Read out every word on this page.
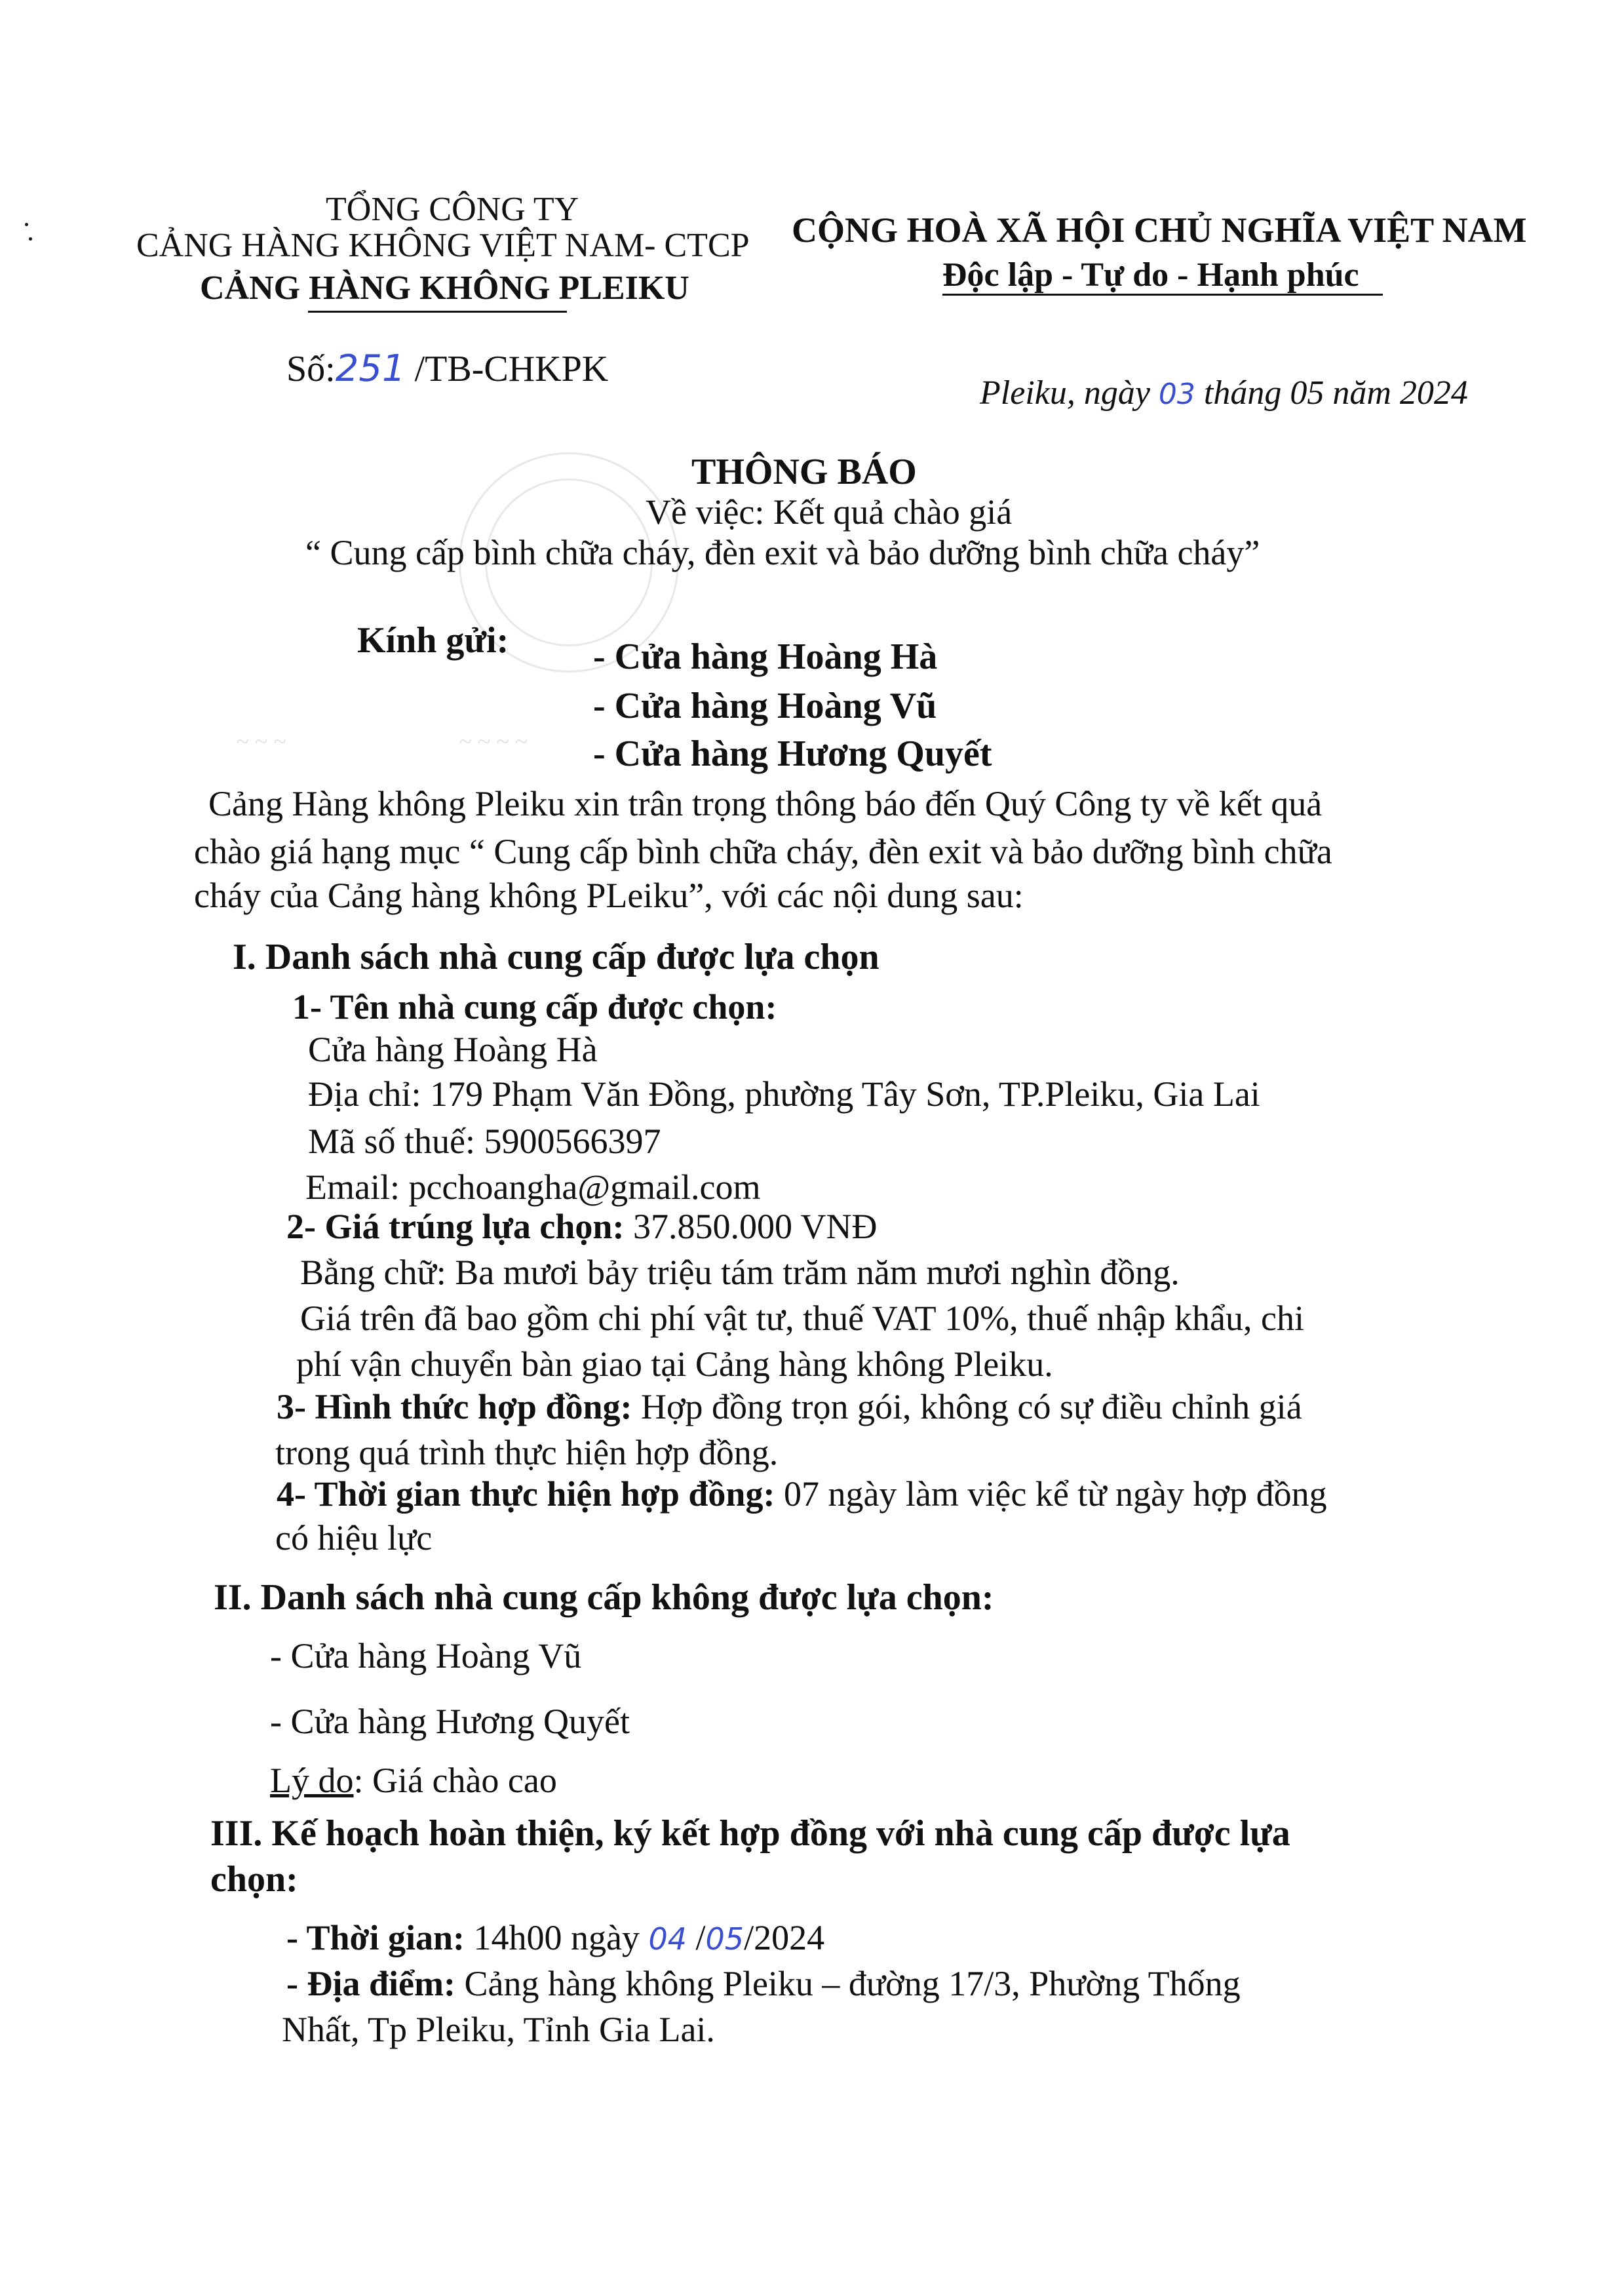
~ ~ ~	~ ~ ~ ~
TỔNG CÔNG TY
CẢNG HÀNG KHÔNG VIỆT NAM- CTCP
CẢNG HÀNG KHÔNG PLEIKU
Số:251 /TB-CHKPK
CỘNG HOÀ XÃ HỘI CHỦ NGHĨA VIỆT NAM
Độc lập - Tự do - Hạnh phúc
Pleiku, ngày 03 tháng 05 năm 2024
THÔNG BÁO
Về việc: Kết quả chào giá
“ Cung cấp bình chữa cháy, đèn exit và bảo dưỡng bình chữa cháy”
Kính gửi: - Cửa hàng Hoàng Hà
- Cửa hàng Hoàng Vũ
- Cửa hàng Hương Quyết
Cảng Hàng không Pleiku xin trân trọng thông báo đến Quý Công ty về kết quả
chào giá hạng mục “ Cung cấp bình chữa cháy, đèn exit và bảo dưỡng bình chữa
cháy của Cảng hàng không PLeiku”, với các nội dung sau:
I. Danh sách nhà cung cấp được lựa chọn
1- Tên nhà cung cấp được chọn:
Cửa hàng Hoàng Hà
Địa chỉ: 179 Phạm Văn Đồng, phường Tây Sơn, TP.Pleiku, Gia Lai
Mã số thuế: 5900566397
Email: pcchoangha@gmail.com
2- Giá trúng lựa chọn: 37.850.000 VNĐ
Bằng chữ: Ba mươi bảy triệu tám trăm năm mươi nghìn đồng.
Giá trên đã bao gồm chi phí vật tư, thuế VAT 10%, thuế nhập khẩu, chi
phí vận chuyển bàn giao tại Cảng hàng không Pleiku.
3- Hình thức hợp đồng: Hợp đồng trọn gói, không có sự điều chỉnh giá
trong quá trình thực hiện hợp đồng.
4- Thời gian thực hiện hợp đồng: 07 ngày làm việc kể từ ngày hợp đồng
có hiệu lực
II. Danh sách nhà cung cấp không được lựa chọn:
- Cửa hàng Hoàng Vũ
- Cửa hàng Hương Quyết
Lý do: Giá chào cao
III. Kế hoạch hoàn thiện, ký kết hợp đồng với nhà cung cấp được lựa
chọn:
- Thời gian: 14h00 ngày 04 /05/2024
- Địa điểm: Cảng hàng không Pleiku – đường 17/3, Phường Thống
Nhất, Tp Pleiku, Tỉnh Gia Lai.
